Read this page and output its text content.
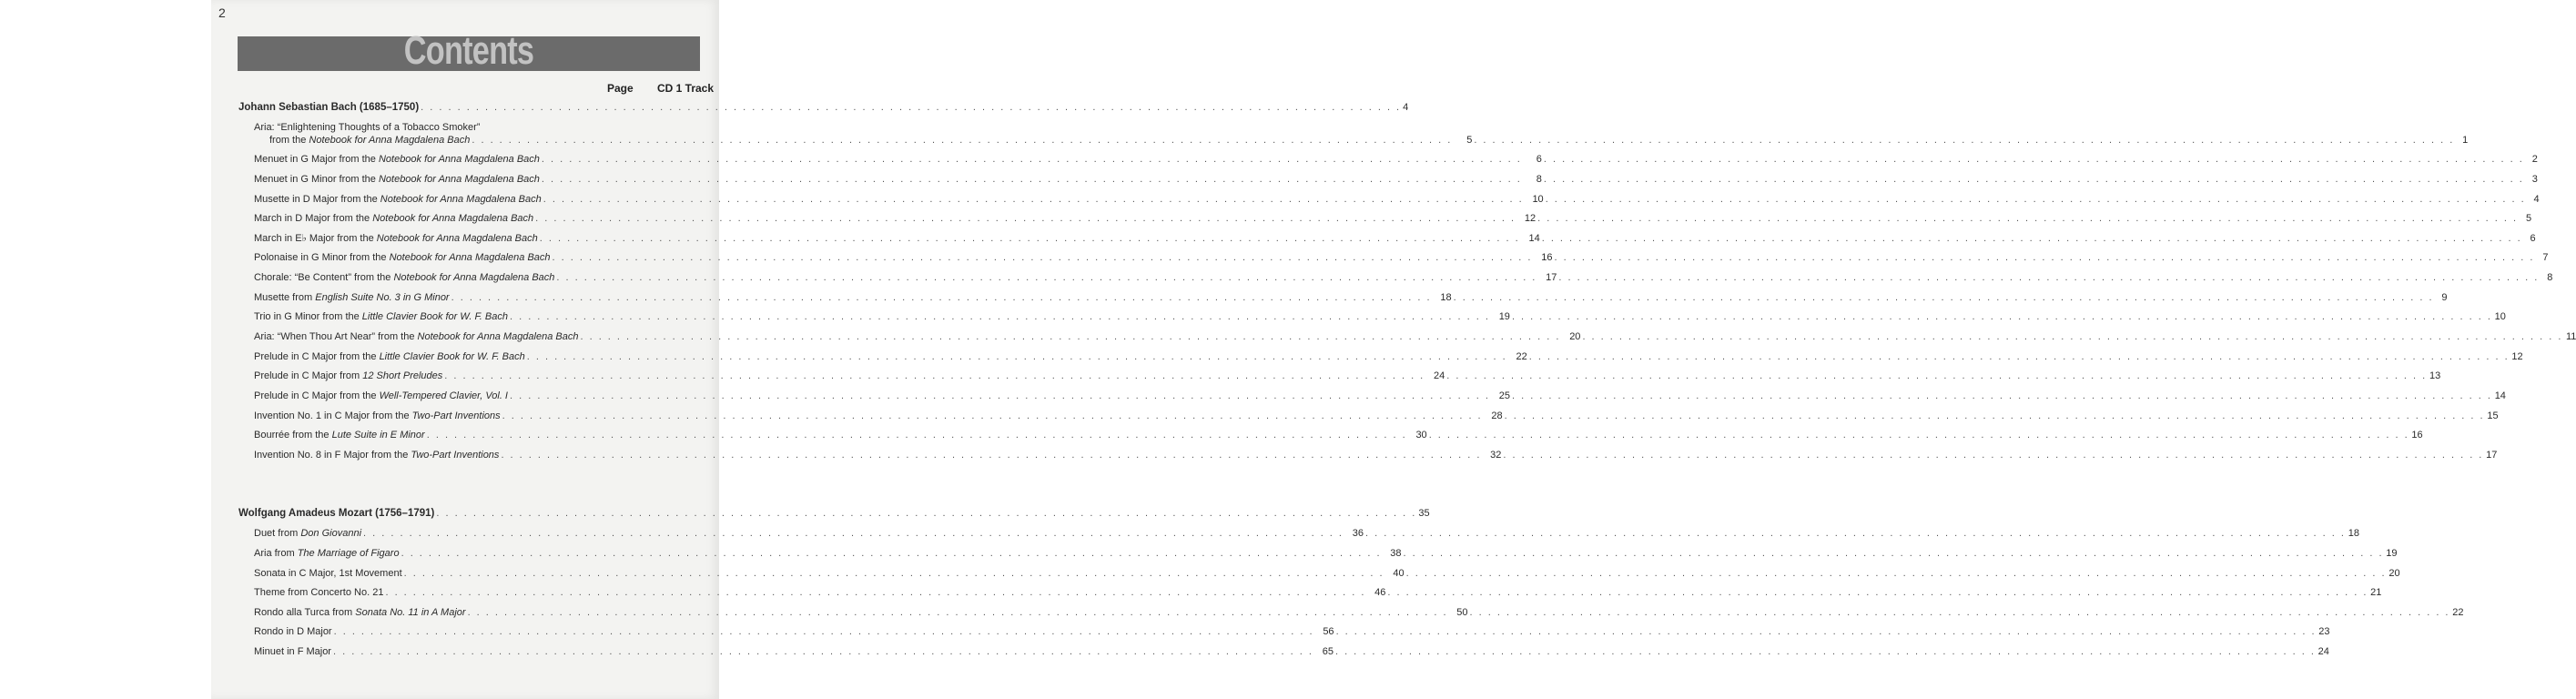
2
Contents
Page CD 1 Track
Johann Sebastian Bach (1685–1750) . . . . . . . . . . . . . . . . . . . . . . . . . . . . . . . . . . . . . . . . . . . . . . . . . . . . . . . . . . . . . . . . . . . . . . . . . . . . . . . . . . . . . . . . . . . . . . . . . . . . . . . . . . . 4
Aria: “Enlightening Thoughts of a Tobacco Smoker”
from the Notebook for Anna Magdalena Bach . . . . . . . . . . . . . . . . . . . . . . . . . . . . . . . . . . . . . . . . . . . . . . . . . . . . . . . . . . . . . . . . . . . . . . . . . . . . . . . . . . . . . . . . . . . . . . . . . . . . . . . . . . .	5 . . . . . . . . . . . . . . . . . . . . . . . . . . . . . . . . . . . . . . . . . . . . . . . . . . . . . . . . . . . . . . . . . . . . . . . . . . . . . . . . . . . . . . . . . . . . . . . . . . . . . . . . . . . 1
Menuet in G Major from the Notebook for Anna Magdalena Bach . . . . . . . . . . . . . . . . . . . . . . . . . . . . . . . . . . . . . . . . . . . . . . . . . . . . . . . . . . . . . . . . . . . . . . . . . . . . . . . . . . . . . . . . . . . . . . . . . . . . . . . . . . .	6 . . . . . . . . . . . . . . . . . . . . . . . . . . . . . . . . . . . . . . . . . . . . . . . . . . . . . . . . . . . . . . . . . . . . . . . . . . . . . . . . . . . . . . . . . . . . . . . . . . . . . . . . . . . 2
Menuet in G Minor from the Notebook for Anna Magdalena Bach . . . . . . . . . . . . . . . . . . . . . . . . . . . . . . . . . . . . . . . . . . . . . . . . . . . . . . . . . . . . . . . . . . . . . . . . . . . . . . . . . . . . . . . . . . . . . . . . . . . . . . . . . . .	8 . . . . . . . . . . . . . . . . . . . . . . . . . . . . . . . . . . . . . . . . . . . . . . . . . . . . . . . . . . . . . . . . . . . . . . . . . . . . . . . . . . . . . . . . . . . . . . . . . . . . . . . . . . . 3
Musette in D Major from the Notebook for Anna Magdalena Bach . . . . . . . . . . . . . . . . . . . . . . . . . . . . . . . . . . . . . . . . . . . . . . . . . . . . . . . . . . . . . . . . . . . . . . . . . . . . . . . . . . . . . . . . . . . . . . . . . . . . . . . . . . . 10 . . . . . . . . . . . . . . . . . . . . . . . . . . . . . . . . . . . . . . . . . . . . . . . . . . . . . . . . . . . . . . . . . . . . . . . . . . . . . . . . . . . . . . . . . . . . . . . . . . . . . . . . . . . 4
March in D Major from the Notebook for Anna Magdalena Bach . . . . . . . . . . . . . . . . . . . . . . . . . . . . . . . . . . . . . . . . . . . . . . . . . . . . . . . . . . . . . . . . . . . . . . . . . . . . . . . . . . . . . . . . . . . . . . . . . . . . . . . . . . . 12 . . . . . . . . . . . . . . . . . . . . . . . . . . . . . . . . . . . . . . . . . . . . . . . . . . . . . . . . . . . . . . . . . . . . . . . . . . . . . . . . . . . . . . . . . . . . . . . . . . . . . . . . . . . 5
March in E♭ Major from the Notebook for Anna Magdalena Bach . . . . . . . . . . . . . . . . . . . . . . . . . . . . . . . . . . . . . . . . . . . . . . . . . . . . . . . . . . . . . . . . . . . . . . . . . . . . . . . . . . . . . . . . . . . . . . . . . . . . . . . . . . . 14 . . . . . . . . . . . . . . . . . . . . . . . . . . . . . . . . . . . . . . . . . . . . . . . . . . . . . . . . . . . . . . . . . . . . . . . . . . . . . . . . . . . . . . . . . . . . . . . . . . . . . . . . . . . 6
Polonaise in G Minor from the Notebook for Anna Magdalena Bach . . . . . . . . . . . . . . . . . . . . . . . . . . . . . . . . . . . . . . . . . . . . . . . . . . . . . . . . . . . . . . . . . . . . . . . . . . . . . . . . . . . . . . . . . . . . . . . . . . . . . . . . . . . 16 . . . . . . . . . . . . . . . . . . . . . . . . . . . . . . . . . . . . . . . . . . . . . . . . . . . . . . . . . . . . . . . . . . . . . . . . . . . . . . . . . . . . . . . . . . . . . . . . . . . . . . . . . . . 7
Chorale: “Be Content” from the Notebook for Anna Magdalena Bach . . . . . . . . . . . . . . . . . . . . . . . . . . . . . . . . . . . . . . . . . . . . . . . . . . . . . . . . . . . . . . . . . . . . . . . . . . . . . . . . . . . . . . . . . . . . . . . . . . . . . . . . . . . 17 . . . . . . . . . . . . . . . . . . . . . . . . . . . . . . . . . . . . . . . . . . . . . . . . . . . . . . . . . . . . . . . . . . . . . . . . . . . . . . . . . . . . . . . . . . . . . . . . . . . . . . . . . . . 8
Musette from English Suite No. 3 in G Minor . . . . . . . . . . . . . . . . . . . . . . . . . . . . . . . . . . . . . . . . . . . . . . . . . . . . . . . . . . . . . . . . . . . . . . . . . . . . . . . . . . . . . . . . . . . . . . . . . . . . . . . . . . . 18 . . . . . . . . . . . . . . . . . . . . . . . . . . . . . . . . . . . . . . . . . . . . . . . . . . . . . . . . . . . . . . . . . . . . . . . . . . . . . . . . . . . . . . . . . . . . . . . . . . . . . . . . . . . 9
Trio in G Minor from the Little Clavier Book for W. F. Bach . . . . . . . . . . . . . . . . . . . . . . . . . . . . . . . . . . . . . . . . . . . . . . . . . . . . . . . . . . . . . . . . . . . . . . . . . . . . . . . . . . . . . . . . . . . . . . . . . . . . . . . . . . . 19 . . . . . . . . . . . . . . . . . . . . . . . . . . . . . . . . . . . . . . . . . . . . . . . . . . . . . . . . . . . . . . . . . . . . . . . . . . . . . . . . . . . . . . . . . . . . . . . . . . . . . . . . . . . 10
Aria: “When Thou Art Near” from the Notebook for Anna Magdalena Bach . . . . . . . . . . . . . . . . . . . . . . . . . . . . . . . . . . . . . . . . . . . . . . . . . . . . . . . . . . . . . . . . . . . . . . . . . . . . . . . . . . . . . . . . . . . . . . . . . . . . . . . . . . . 20 . . . . . . . . . . . . . . . . . . . . . . . . . . . . . . . . . . . . . . . . . . . . . . . . . . . . . . . . . . . . . . . . . . . . . . . . . . . . . . . . . . . . . . . . . . . . . . . . . . . . . . . . . . . 11
Prelude in C Major from the Little Clavier Book for W. F. Bach . . . . . . . . . . . . . . . . . . . . . . . . . . . . . . . . . . . . . . . . . . . . . . . . . . . . . . . . . . . . . . . . . . . . . . . . . . . . . . . . . . . . . . . . . . . . . . . . . . . . . . . . . . . 22 . . . . . . . . . . . . . . . . . . . . . . . . . . . . . . . . . . . . . . . . . . . . . . . . . . . . . . . . . . . . . . . . . . . . . . . . . . . . . . . . . . . . . . . . . . . . . . . . . . . . . . . . . . . 12
Prelude in C Major from 12 Short Preludes . . . . . . . . . . . . . . . . . . . . . . . . . . . . . . . . . . . . . . . . . . . . . . . . . . . . . . . . . . . . . . . . . . . . . . . . . . . . . . . . . . . . . . . . . . . . . . . . . . . . . . . . . . . 24 . . . . . . . . . . . . . . . . . . . . . . . . . . . . . . . . . . . . . . . . . . . . . . . . . . . . . . . . . . . . . . . . . . . . . . . . . . . . . . . . . . . . . . . . . . . . . . . . . . . . . . . . . . . 13
Prelude in C Major from the Well-Tempered Clavier, Vol. I . . . . . . . . . . . . . . . . . . . . . . . . . . . . . . . . . . . . . . . . . . . . . . . . . . . . . . . . . . . . . . . . . . . . . . . . . . . . . . . . . . . . . . . . . . . . . . . . . . . . . . . . . . . 25 . . . . . . . . . . . . . . . . . . . . . . . . . . . . . . . . . . . . . . . . . . . . . . . . . . . . . . . . . . . . . . . . . . . . . . . . . . . . . . . . . . . . . . . . . . . . . . . . . . . . . . . . . . . 14
Invention No. 1 in C Major from the Two-Part Inventions . . . . . . . . . . . . . . . . . . . . . . . . . . . . . . . . . . . . . . . . . . . . . . . . . . . . . . . . . . . . . . . . . . . . . . . . . . . . . . . . . . . . . . . . . . . . . . . . . . . . . . . . . . . 28 . . . . . . . . . . . . . . . . . . . . . . . . . . . . . . . . . . . . . . . . . . . . . . . . . . . . . . . . . . . . . . . . . . . . . . . . . . . . . . . . . . . . . . . . . . . . . . . . . . . . . . . . . . . 15
Bourrée from the Lute Suite in E Minor . . . . . . . . . . . . . . . . . . . . . . . . . . . . . . . . . . . . . . . . . . . . . . . . . . . . . . . . . . . . . . . . . . . . . . . . . . . . . . . . . . . . . . . . . . . . . . . . . . . . . . . . . . . 30 . . . . . . . . . . . . . . . . . . . . . . . . . . . . . . . . . . . . . . . . . . . . . . . . . . . . . . . . . . . . . . . . . . . . . . . . . . . . . . . . . . . . . . . . . . . . . . . . . . . . . . . . . . . 16
Invention No. 8 in F Major from the Two-Part Inventions . . . . . . . . . . . . . . . . . . . . . . . . . . . . . . . . . . . . . . . . . . . . . . . . . . . . . . . . . . . . . . . . . . . . . . . . . . . . . . . . . . . . . . . . . . . . . . . . . . . . . . . . . . . 32 . . . . . . . . . . . . . . . . . . . . . . . . . . . . . . . . . . . . . . . . . . . . . . . . . . . . . . . . . . . . . . . . . . . . . . . . . . . . . . . . . . . . . . . . . . . . . . . . . . . . . . . . . . . 17
Wolfgang Amadeus Mozart (1756–1791) . . . . . . . . . . . . . . . . . . . . . . . . . . . . . . . . . . . . . . . . . . . . . . . . . . . . . . . . . . . . . . . . . . . . . . . . . . . . . . . . . . . . . . . . . . . . . . . . . . . . . . . . . . . 35
Duet from Don Giovanni . . . . . . . . . . . . . . . . . . . . . . . . . . . . . . . . . . . . . . . . . . . . . . . . . . . . . . . . . . . . . . . . . . . . . . . . . . . . . . . . . . . . . . . . . . . . . . . . . . . . . . . . . . . 36 . . . . . . . . . . . . . . . . . . . . . . . . . . . . . . . . . . . . . . . . . . . . . . . . . . . . . . . . . . . . . . . . . . . . . . . . . . . . . . . . . . . . . . . . . . . . . . . . . . . . . . . . . . . 18
Aria from The Marriage of Figaro . . . . . . . . . . . . . . . . . . . . . . . . . . . . . . . . . . . . . . . . . . . . . . . . . . . . . . . . . . . . . . . . . . . . . . . . . . . . . . . . . . . . . . . . . . . . . . . . . . . . . . . . . . . 38 . . . . . . . . . . . . . . . . . . . . . . . . . . . . . . . . . . . . . . . . . . . . . . . . . . . . . . . . . . . . . . . . . . . . . . . . . . . . . . . . . . . . . . . . . . . . . . . . . . . . . . . . . . . 19
Sonata in C Major, 1st Movement . . . . . . . . . . . . . . . . . . . . . . . . . . . . . . . . . . . . . . . . . . . . . . . . . . . . . . . . . . . . . . . . . . . . . . . . . . . . . . . . . . . . . . . . . . . . . . . . . . . . . . . . . . . 40 . . . . . . . . . . . . . . . . . . . . . . . . . . . . . . . . . . . . . . . . . . . . . . . . . . . . . . . . . . . . . . . . . . . . . . . . . . . . . . . . . . . . . . . . . . . . . . . . . . . . . . . . . . . 20
Theme from Concerto No. 21 . . . . . . . . . . . . . . . . . . . . . . . . . . . . . . . . . . . . . . . . . . . . . . . . . . . . . . . . . . . . . . . . . . . . . . . . . . . . . . . . . . . . . . . . . . . . . . . . . . . . . . . . . . . 46 . . . . . . . . . . . . . . . . . . . . . . . . . . . . . . . . . . . . . . . . . . . . . . . . . . . . . . . . . . . . . . . . . . . . . . . . . . . . . . . . . . . . . . . . . . . . . . . . . . . . . . . . . . . 21
Rondo alla Turca from Sonata No. 11 in A Major . . . . . . . . . . . . . . . . . . . . . . . . . . . . . . . . . . . . . . . . . . . . . . . . . . . . . . . . . . . . . . . . . . . . . . . . . . . . . . . . . . . . . . . . . . . . . . . . . . . . . . . . . . . 50 . . . . . . . . . . . . . . . . . . . . . . . . . . . . . . . . . . . . . . . . . . . . . . . . . . . . . . . . . . . . . . . . . . . . . . . . . . . . . . . . . . . . . . . . . . . . . . . . . . . . . . . . . . . 22
Rondo in D Major . . . . . . . . . . . . . . . . . . . . . . . . . . . . . . . . . . . . . . . . . . . . . . . . . . . . . . . . . . . . . . . . . . . . . . . . . . . . . . . . . . . . . . . . . . . . . . . . . . . . . . . . . . . 56 . . . . . . . . . . . . . . . . . . . . . . . . . . . . . . . . . . . . . . . . . . . . . . . . . . . . . . . . . . . . . . . . . . . . . . . . . . . . . . . . . . . . . . . . . . . . . . . . . . . . . . . . . . . 23
Minuet in F Major . . . . . . . . . . . . . . . . . . . . . . . . . . . . . . . . . . . . . . . . . . . . . . . . . . . . . . . . . . . . . . . . . . . . . . . . . . . . . . . . . . . . . . . . . . . . . . . . . . . . . . . . . . . 65 . . . . . . . . . . . . . . . . . . . . . . . . . . . . . . . . . . . . . . . . . . . . . . . . . . . . . . . . . . . . . . . . . . . . . . . . . . . . . . . . . . . . . . . . . . . . . . . . . . . . . . . . . . . 24
